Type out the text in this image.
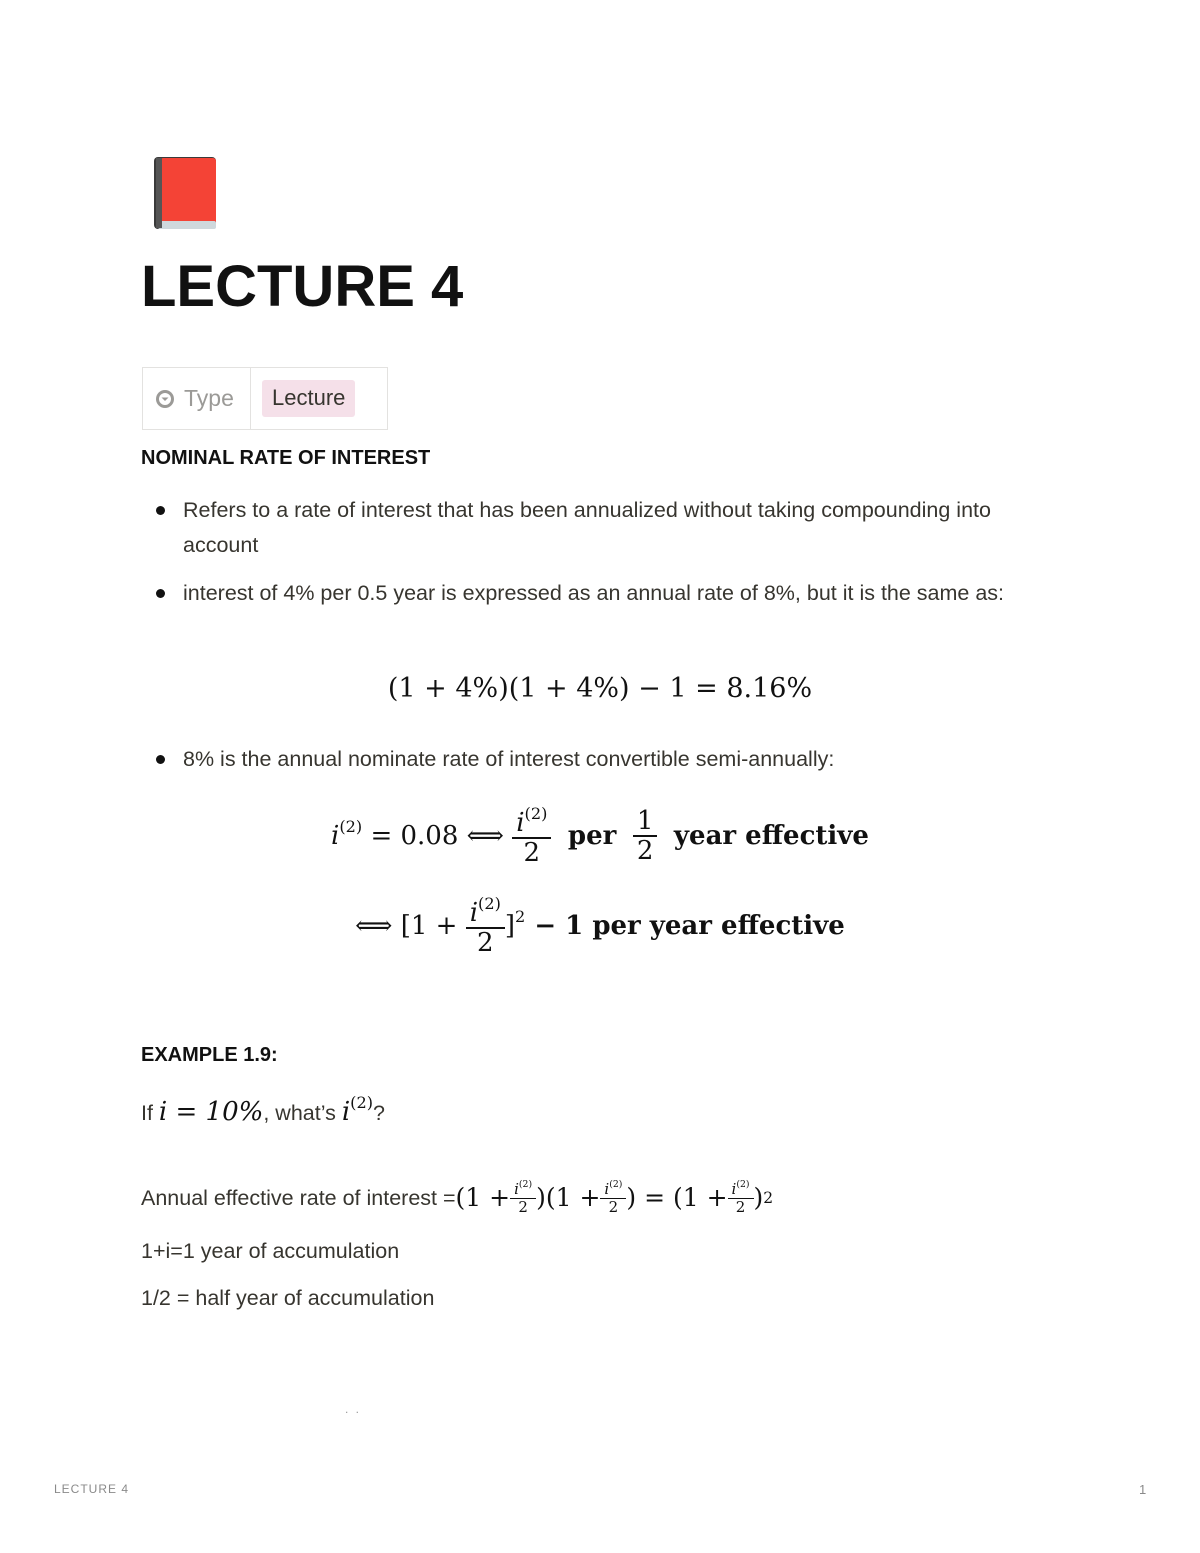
LECTURE 4
Type	Lecture
NOMINAL RATE OF INTEREST
Refers to a rate of interest that has been annualized without taking compounding into account
interest of 4% per 0.5 year is expressed as an annual rate of 8%, but it is the same as:
(1 + 4%)(1 + 4%) − 1 = 8.16%
8% is the annual nominate rate of interest convertible semi-annually:
$i^{(2)} = 0.08$ ⟺ $\frac{i^{(2)}}{2}$ per $\frac{1}{2}$ year effective
⟺ $[1 + \frac{i^{(2)}}{2} ]^2 - 1$ per year effective
EXAMPLE 1.9:
If i = 10%, what’s $i^{(2)}$?
Annual effective rate of interest = $(1 + \frac{i^{(2)}}{2} )(1 + \frac{i^{(2)}}{2}$ ) = ($1 + \frac{i^{(2)}}{2}$ ) 2
1+i=1 year of accumulation
1/2 = half year of accumulation
. .
LECTURE 4	1
